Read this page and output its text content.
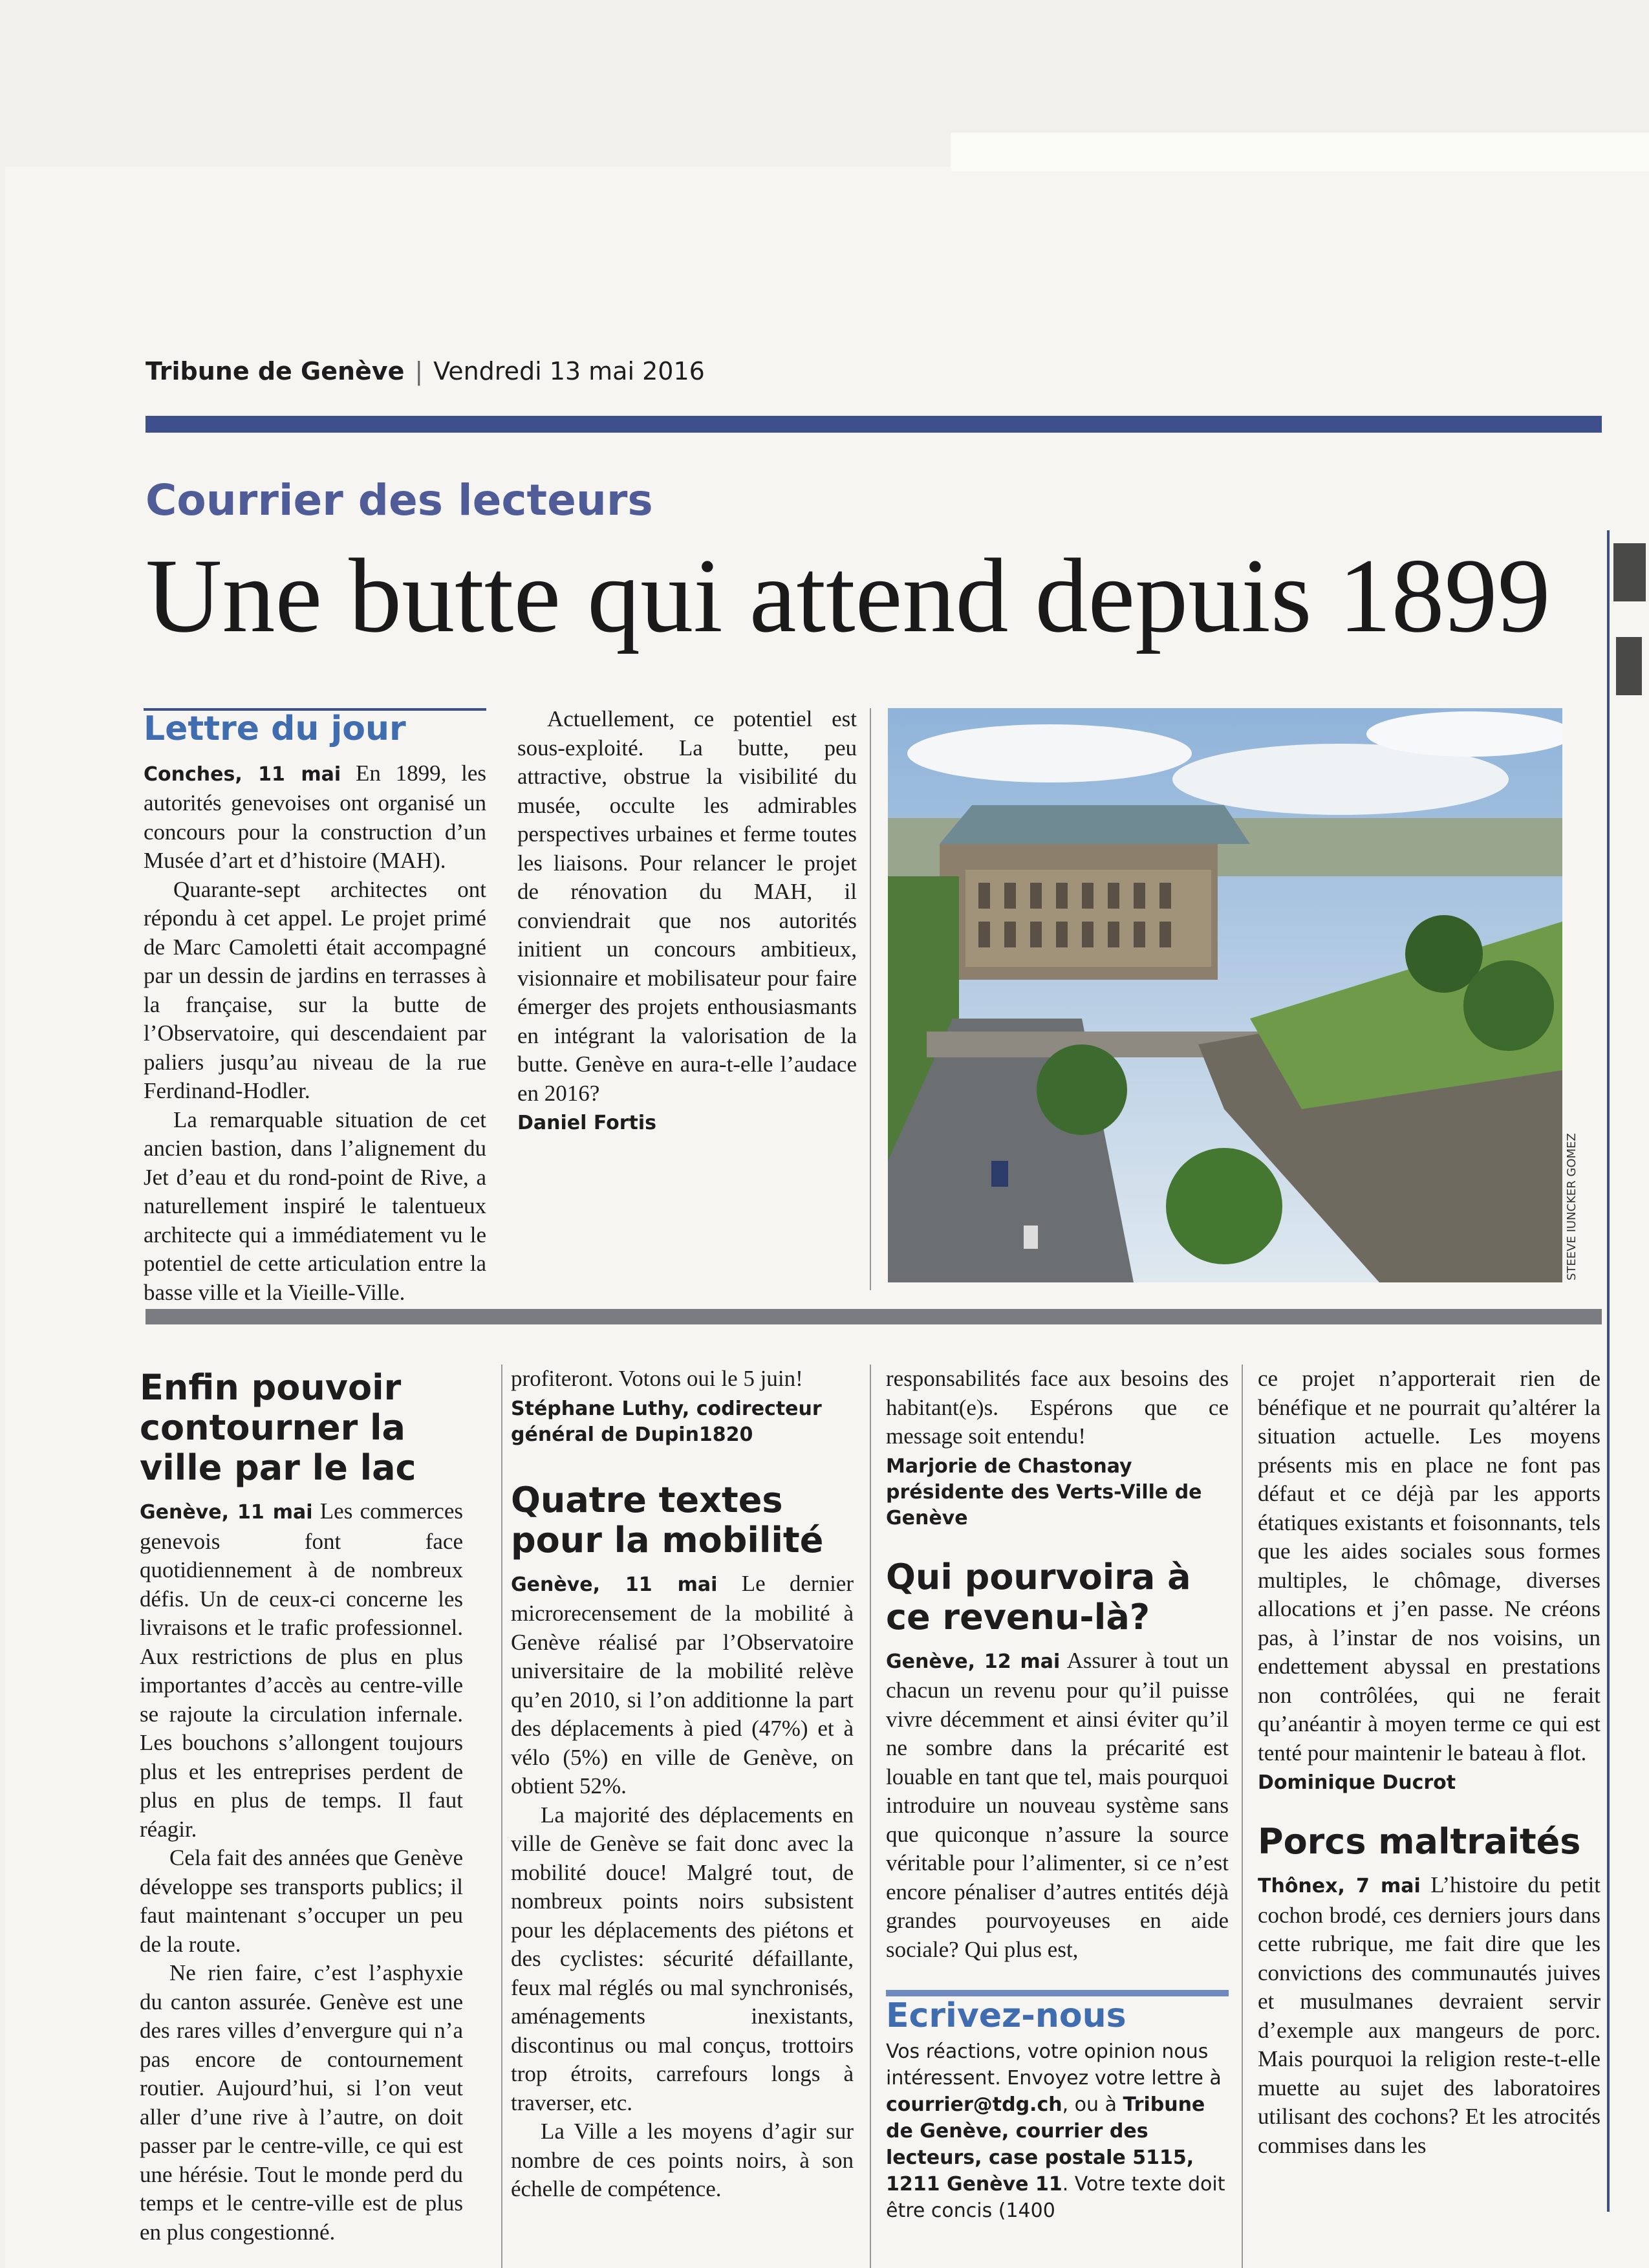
Tribune de Genève | Vendredi 13 mai 2016
Courrier des lecteurs
Une butte qui attend depuis 1899
Lettre du jour

Conches, 11 mai En 1899, les autorités genevoises ont organisé un concours pour la construction d’un Musée d’art et d’histoire (MAH).

Quarante-sept architectes ont répondu à cet appel. Le projet primé de Marc Camoletti était accompagné par un dessin de jardins en terrasses à la française, sur la butte de l’Observatoire, qui descendaient par paliers jusqu’au niveau de la rue Ferdinand-Hodler.

La remarquable situation de cet ancien bastion, dans l’alignement du Jet d’eau et du rond-point de Rive, a naturellement inspiré le talentueux architecte qui a immédiatement vu le potentiel de cette articulation entre la basse ville et la Vieille-Ville.

Actuellement, ce potentiel est sous-exploité. La butte, peu attractive, obstrue la visibilité du musée, occulte les admirables perspectives urbaines et ferme toutes les liaisons. Pour relancer le projet de rénovation du MAH, il conviendrait que nos autorités initient un concours ambitieux, visionnaire et mobilisateur pour faire émerger des projets enthousiasmants en intégrant la valorisation de la butte. Genève en aura-t-elle l’audace en 2016?

Daniel Fortis
STEEVE IUNCKER GOMEZ
Enfin pouvoir contourner la ville par le lac

Genève, 11 mai Les commerces genevois font face quotidiennement à de nombreux défis. Un de ceux-ci concerne les livraisons et le trafic professionnel. Aux restrictions de plus en plus importantes d’accès au centre-ville se rajoute la circulation infernale. Les bouchons s’allongent toujours plus et les entreprises perdent de plus en plus de temps. Il faut réagir.

Cela fait des années que Genève développe ses transports publics; il faut maintenant s’occuper un peu de la route.

Ne rien faire, c’est l’asphyxie du canton assurée. Genève est une des rares villes d’envergure qui n’a pas encore de contournement routier. Aujourd’hui, si l’on veut aller d’une rive à l’autre, on doit passer par le centre-ville, ce qui est une hérésie. Tout le monde perd du temps et le centre-ville est de plus en plus congestionné.

profiteront. Votons oui le 5 juin!

Stéphane Luthy, codirecteur général de Dupin1820
Quatre textes pour la mobilité

Genève, 11 mai Le dernier microrecensement de la mobilité à Genève réalisé par l’Observatoire universitaire de la mobilité relève qu’en 2010, si l’on additionne la part des déplacements à pied (47%) et à vélo (5%) en ville de Genève, on obtient 52%.

La majorité des déplacements en ville de Genève se fait donc avec la mobilité douce! Malgré tout, de nombreux points noirs subsistent pour les déplacements des piétons et des cyclistes: sécurité défaillante, feux mal réglés ou mal synchronisés, aménagements inexistants, discontinus ou mal conçus, trottoirs trop étroits, carrefours longs à traverser, etc.

La Ville a les moyens d’agir sur nombre de ces points noirs, à son échelle de compétence.

responsabilités face aux besoins des habitant(e)s. Espérons que ce message soit entendu!

Marjorie de Chastonay présidente des Verts-Ville de Genève
Qui pourvoira à ce revenu-là?

Genève, 12 mai Assurer à tout un chacun un revenu pour qu’il puisse vivre décemment et ainsi éviter qu’il ne sombre dans la précarité est louable en tant que tel, mais pourquoi introduire un nouveau système sans que quiconque n’assure la source véritable pour l’alimenter, si ce n’est encore pénaliser d’autres entités déjà grandes pourvoyeuses en aide sociale? Qui plus est,

Ecrivez-nous
Vos réactions, votre opinion nous intéressent. Envoyez votre lettre à courrier@tdg.ch, ou à Tribune de Genève, courrier des lecteurs, case postale 5115, 1211 Genève 11. Votre texte doit être concis (1400

ce projet n’apporterait rien de bénéfique et ne pourrait qu’altérer la situation actuelle. Les moyens présents mis en place ne font pas défaut et ce déjà par les apports étatiques existants et foisonnants, tels que les aides sociales sous formes multiples, le chômage, diverses allocations et j’en passe. Ne créons pas, à l’instar de nos voisins, un endettement abyssal en prestations non contrôlées, qui ne ferait qu’anéantir à moyen terme ce qui est tenté pour maintenir le bateau à flot.

Dominique Ducrot
Porcs maltraités

Thônex, 7 mai L’histoire du petit cochon brodé, ces derniers jours dans cette rubrique, me fait dire que les convictions des communautés juives et musulmanes devraient servir d’exemple aux mangeurs de porc. Mais pourquoi la religion reste-t-elle muette au sujet des laboratoires utilisant des cochons? Et les atrocités commises dans les
